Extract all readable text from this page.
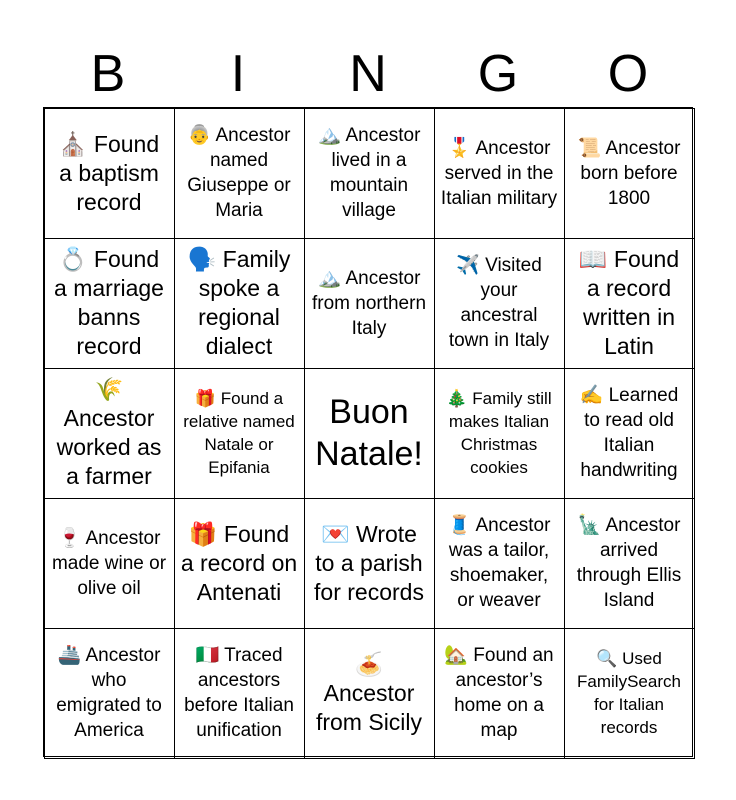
B	I	N	G	O
⛪ Found a baptism record
👵 Ancestor named Giuseppe or Maria
🏔️ Ancestor lived in a mountain village
🎖️ Ancestor served in the Italian military
📜 Ancestor born before 1800
💍 Found a marriage banns record
🗣️ Family spoke a regional dialect
🏔️ Ancestor from northern Italy
✈️ Visited your ancestral town in Italy
📖 Found a record written in Latin
🌾 Ancestor worked as a farmer
🎁 Found a relative named Natale or Epifania
Buon Natale!
🎄 Family still makes Italian Christmas cookies
✍️ Learned to read old Italian handwriting
🍷 Ancestor made wine or olive oil
🎁 Found a record on Antenati
💌 Wrote to a parish for records
🧵 Ancestor was a tailor, shoemaker, or weaver
🗽 Ancestor arrived through Ellis Island
🚢 Ancestor who emigrated to America
🇮🇹 Traced ancestors before Italian unification
🍝 Ancestor from Sicily
🏡 Found an ancestor’s home on a map
🔍 Used FamilySearch for Italian records
